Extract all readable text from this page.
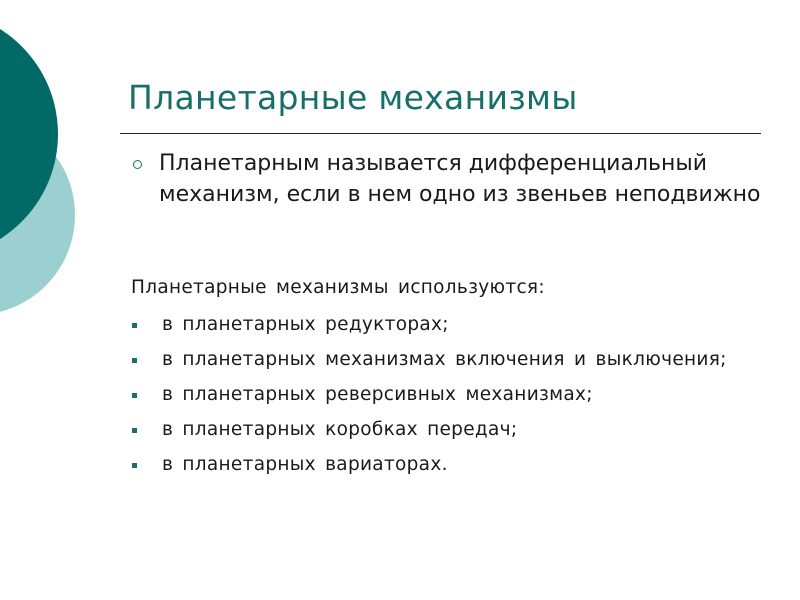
Планетарные механизмы

Планетарным называется дифференциальный механизм, если в нем одно из звеньев неподвижно

Планетарные механизмы используются:

в планетарных редукторах;
в планетарных механизмах включения и выключения;
в планетарных реверсивных механизмах;
в планетарных коробках передач;
в планетарных вариаторах.
